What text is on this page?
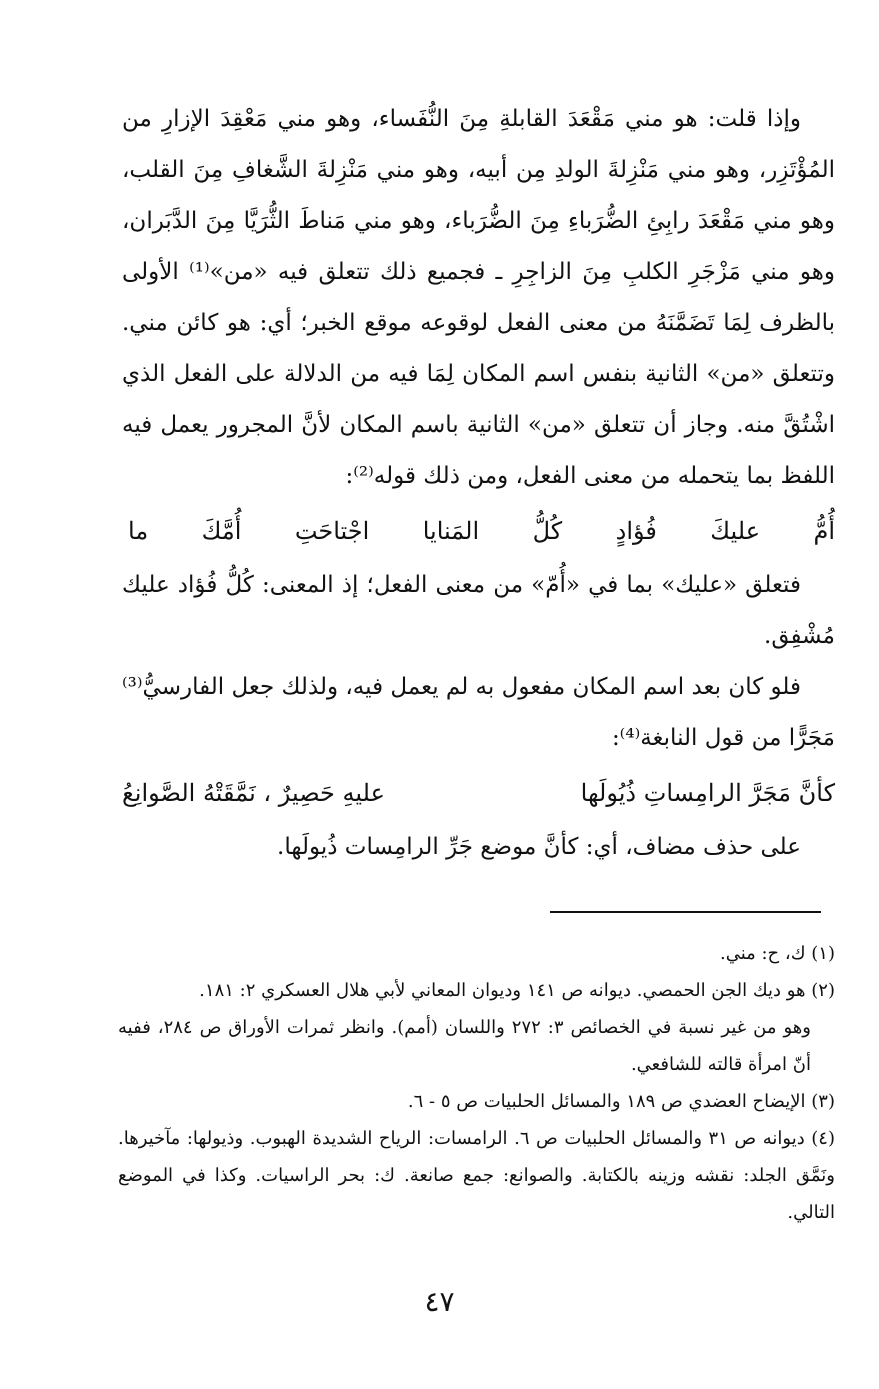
وإذا قلت: هو مني مَقْعَدَ القابلةِ مِنَ النُّفَساء، وهو مني مَعْقِدَ الإزارِ من المُؤْتَزِر، وهو مني مَنْزِلةَ الولدِ مِن أبيه، وهو مني مَنْزِلةَ الشَّغافِ مِنَ القلب، وهو مني مَقْعَدَ رابِئِ الضُّرَباءِ مِنَ الضُّرَباء، وهو مني مَناطَ الثُّرَيَّا مِنَ الدَّبَران، وهو مني مَزْجَرِ الكلبِ مِنَ الزاجِرِ ـ فجميع ذلك تتعلق فيه «من»⁽¹⁾ الأولى بالظرف لِمَا تَضَمَّنَهُ من معنى الفعل لوقوعه موقع الخبر؛ أي: هو كائن مني. وتتعلق «من» الثانية بنفس اسم المكان لِمَا فيه من الدلالة على الفعل الذي اشْتُقَّ منه. وجاز أن تتعلق «من» الثانية باسم المكان لأنَّ المجرور يعمل فيه اللفظ بما يتحمله من معنى الفعل، ومن ذلك قوله⁽²⁾:

أُمُّ
عليكَ
فُؤادٍ
كُلُّ
المَنايا
اجْتاحَتِ
أُمَّكَ
ما

فتعلق «عليك» بما في «أُمّ» من معنى الفعل؛ إذ المعنى: كُلُّ فُؤاد عليك مُشْفِق.

فلو كان بعد اسم المكان مفعول به لم يعمل فيه، ولذلك جعل الفارسيُّ⁽³⁾ مَجَرًّا من قول النابغة⁽⁴⁾:

كأنَّ مَجَرَّ الرامِساتِ ذُيُولَها
عليهِ حَصِيرٌ ، نَمَّقَتْهُ الصَّوانِعُ

على حذف مضاف، أي: كأنَّ موضع جَرِّ الرامِسات ذُيولَها.

(١) ك، ح: مني.

(٢) هو ديك الجن الحمصي. ديوانه ص ١٤١ وديوان المعاني لأبي هلال العسكري ٢: ١٨١.

وهو من غير نسبة في الخصائص ٣: ٢٧٢ واللسان (أمم). وانظر ثمرات الأوراق ص ٢٨٤، ففيه أنّ امرأة قالته للشافعي.

(٣) الإيضاح العضدي ص ١٨٩ والمسائل الحلبيات ص ٥ - ٦.

(٤) ديوانه ص ٣١ والمسائل الحلبيات ص ٦. الرامسات: الرياح الشديدة الهبوب. وذيولها: مآخيرها. ونَمَّق الجلد: نقشه وزينه بالكتابة. والصوانع: جمع صانعة. ك: بحر الراسيات. وكذا في الموضع التالي.

٤٧
